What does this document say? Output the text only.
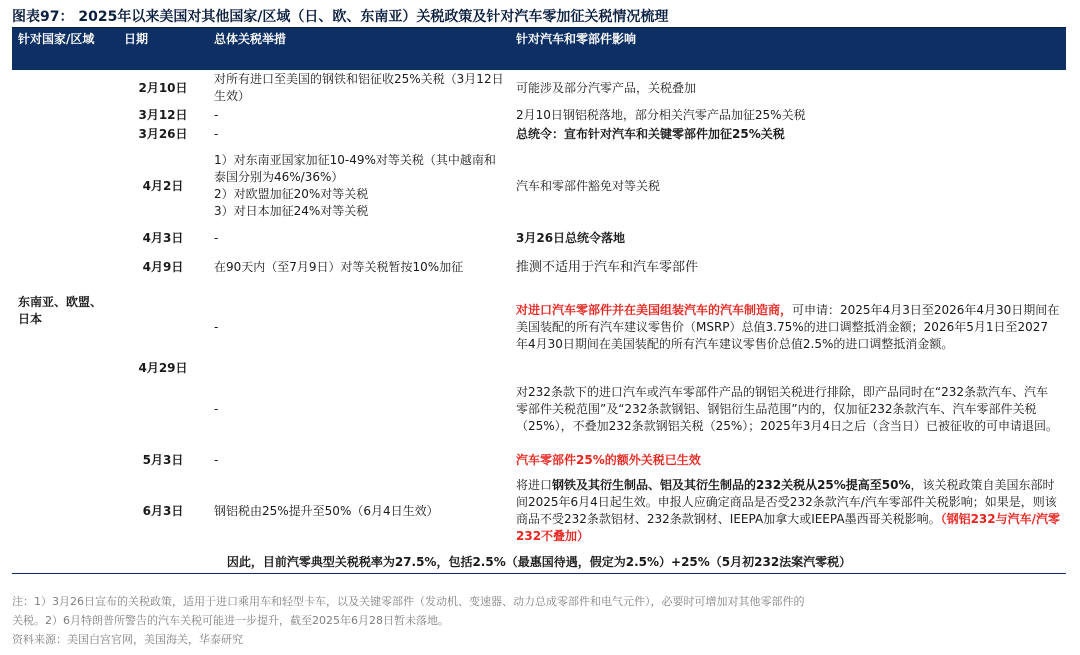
图表97： 2025年以来美国对其他国家/区域（日、欧、东南亚）关税政策及针对汽车零加征关税情况梳理
针对国家/区域	日期	总体关税举措	针对汽车和零部件影响
东南亚、欧盟、日本	2月10日	对所有进口至美国的钢铁和铝征收25%关税（3月12日生效）	可能涉及部分汽零产品，关税叠加
	3月12日	-	2月10日钢铝税落地，部分相关汽零产品加征25%关税
	3月26日	-	总统令：宣布针对汽车和关键零部件加征25%关税
	4月2日	1）对东南亚国家加征10-49%对等关税（其中越南和泰国分别为46%/36%）
2）对欧盟加征20%对等关税
3）对日本加征24%对等关税	汽车和零部件豁免对等关税
	4月3日	-	3月26日总统令落地
	4月9日	在90天内（至7月9日）对等关税暂按10%加征	推测不适用于汽车和汽车零部件
	4月29日	-	对进口汽车零部件并在美国组装汽车的汽车制造商，可申请：2025年4月3日至2026年4月30日期间在美国装配的所有汽车建议零售价（MSRP）总值3.75%的进口调整抵消金额；2026年5月1日至2027年4月30日期间在美国装配的所有汽车建议零售价总值2.5%的进口调整抵消金额。
		-	对232条款下的进口汽车或汽车零部件产品的钢铝关税进行排除，即产品同时在“232条款汽车、汽车零部件关税范围”及“232条款钢铝、钢铝衍生品范围”内的，仅加征232条款汽车、汽车零部件关税（25%），不叠加232条款钢铝关税（25%）；2025年3月4日之后（含当日）已被征收的可申请退回。
	5月3日	-	汽车零部件25%的额外关税已生效
	6月3日	钢铝税由25%提升至50%（6月4日生效）	将进口钢铁及其衍生制品、铝及其衍生制品的232关税从25%提高至50%，该关税政策自美国东部时间2025年6月4日起生效。申报人应确定商品是否受232条款汽车/汽车零部件关税影响；如果是，则该商品不受232条款铝材、232条款钢材、IEEPA加拿大或IEEPA墨西哥关税影响。（钢铝232与汽车/汽零232不叠加）
因此，目前汽零典型关税税率为27.5%，包括2.5%（最惠国待遇，假定为2.5%）+25%（5月初232法案汽零税）			
注：1）3月26日宣布的关税政策，适用于进口乘用车和轻型卡车，以及关键零部件（发动机、变速器、动力总成零部件和电气元件），必要时可增加对其他零部件的
关税。2）6月特朗普所警告的汽车关税可能进一步提升，截至2025年6月28日暂未落地。
资料来源：美国白宫官网，美国海关，华泰研究
